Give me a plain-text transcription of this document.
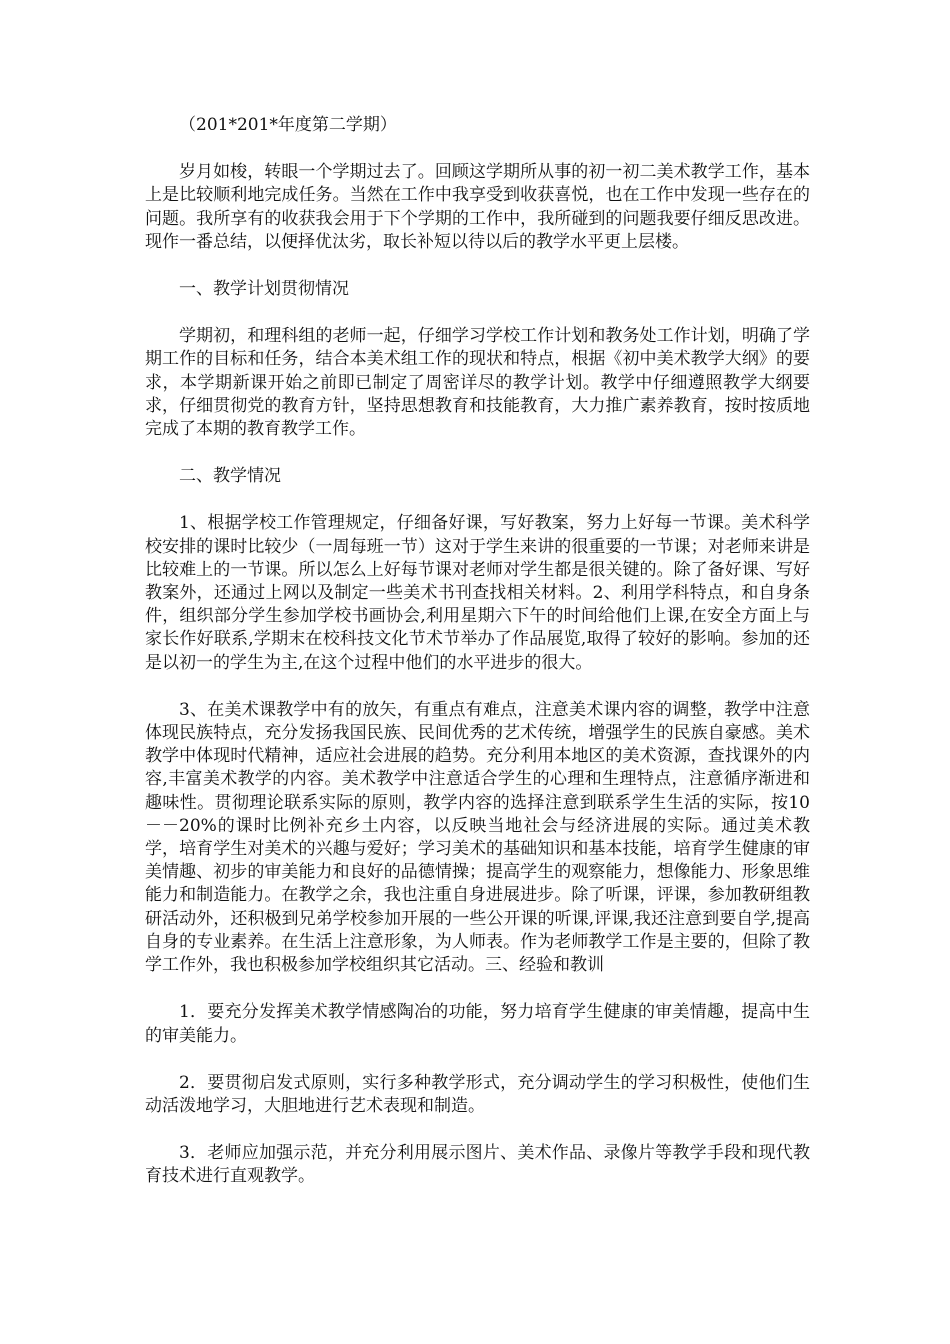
（201*201*年度第二学期）

岁月如梭，转眼一个学期过去了。回顾这学期所从事的初一初二美术教学工作，基本上是比较顺利地完成任务。当然在工作中我享受到收获喜悦，也在工作中发现一些存在的问题。我所享有的收获我会用于下个学期的工作中，我所碰到的问题我要仔细反思改进。现作一番总结，以便择优汰劣，取长补短以待以后的教学水平更上层楼。

一、教学计划贯彻情况

学期初，和理科组的老师一起，仔细学习学校工作计划和教务处工作计划，明确了学期工作的目标和任务，结合本美术组工作的现状和特点，根据《初中美术教学大纲》的要求，本学期新课开始之前即已制定了周密详尽的教学计划。教学中仔细遵照教学大纲要求，仔细贯彻党的教育方针，坚持思想教育和技能教育，大力推广素养教育，按时按质地完成了本期的教育教学工作。

二、教学情况

1、根据学校工作管理规定，仔细备好课，写好教案，努力上好每一节课。美术科学校安排的课时比较少（一周每班一节）这对于学生来讲的很重要的一节课；对老师来讲是比较难上的一节课。所以怎么上好每节课对老师对学生都是很关键的。除了备好课、写好教案外，还通过上网以及制定一些美术书刊查找相关材料。2、利用学科特点，和自身条件，组织部分学生参加学校书画协会,利用星期六下午的时间给他们上课,在安全方面上与家长作好联系,学期末在校科技文化节术节举办了作品展览,取得了较好的影响。参加的还是以初一的学生为主,在这个过程中他们的水平进步的很大。

3、在美术课教学中有的放矢，有重点有难点，注意美术课内容的调整，教学中注意体现民族特点，充分发扬我国民族、民间优秀的艺术传统，增强学生的民族自豪感。美术教学中体现时代精神，适应社会进展的趋势。充分利用本地区的美术资源，查找课外的内容,丰富美术教学的内容。美术教学中注意适合学生的心理和生理特点，注意循序渐进和趣味性。贯彻理论联系实际的原则，教学内容的选择注意到联系学生生活的实际，按10－－20%的课时比例补充乡土内容，以反映当地社会与经济进展的实际。通过美术教学，培育学生对美术的兴趣与爱好；学习美术的基础知识和基本技能，培育学生健康的审美情趣、初步的审美能力和良好的品德情操；提高学生的观察能力，想像能力、形象思维能力和制造能力。在教学之余，我也注重自身进展进步。除了听课，评课，参加教研组教研活动外，还积极到兄弟学校参加开展的一些公开课的听课,评课,我还注意到要自学,提高自身的专业素养。在生活上注意形象，为人师表。作为老师教学工作是主要的，但除了教学工作外，我也积极参加学校组织其它活动。三、经验和教训

1．要充分发挥美术教学情感陶冶的功能，努力培育学生健康的审美情趣，提高中生的审美能力。

2．要贯彻启发式原则，实行多种教学形式，充分调动学生的学习积极性，使他们生动活泼地学习，大胆地进行艺术表现和制造。

3．老师应加强示范，并充分利用展示图片、美术作品、录像片等教学手段和现代教育技术进行直观教学。
